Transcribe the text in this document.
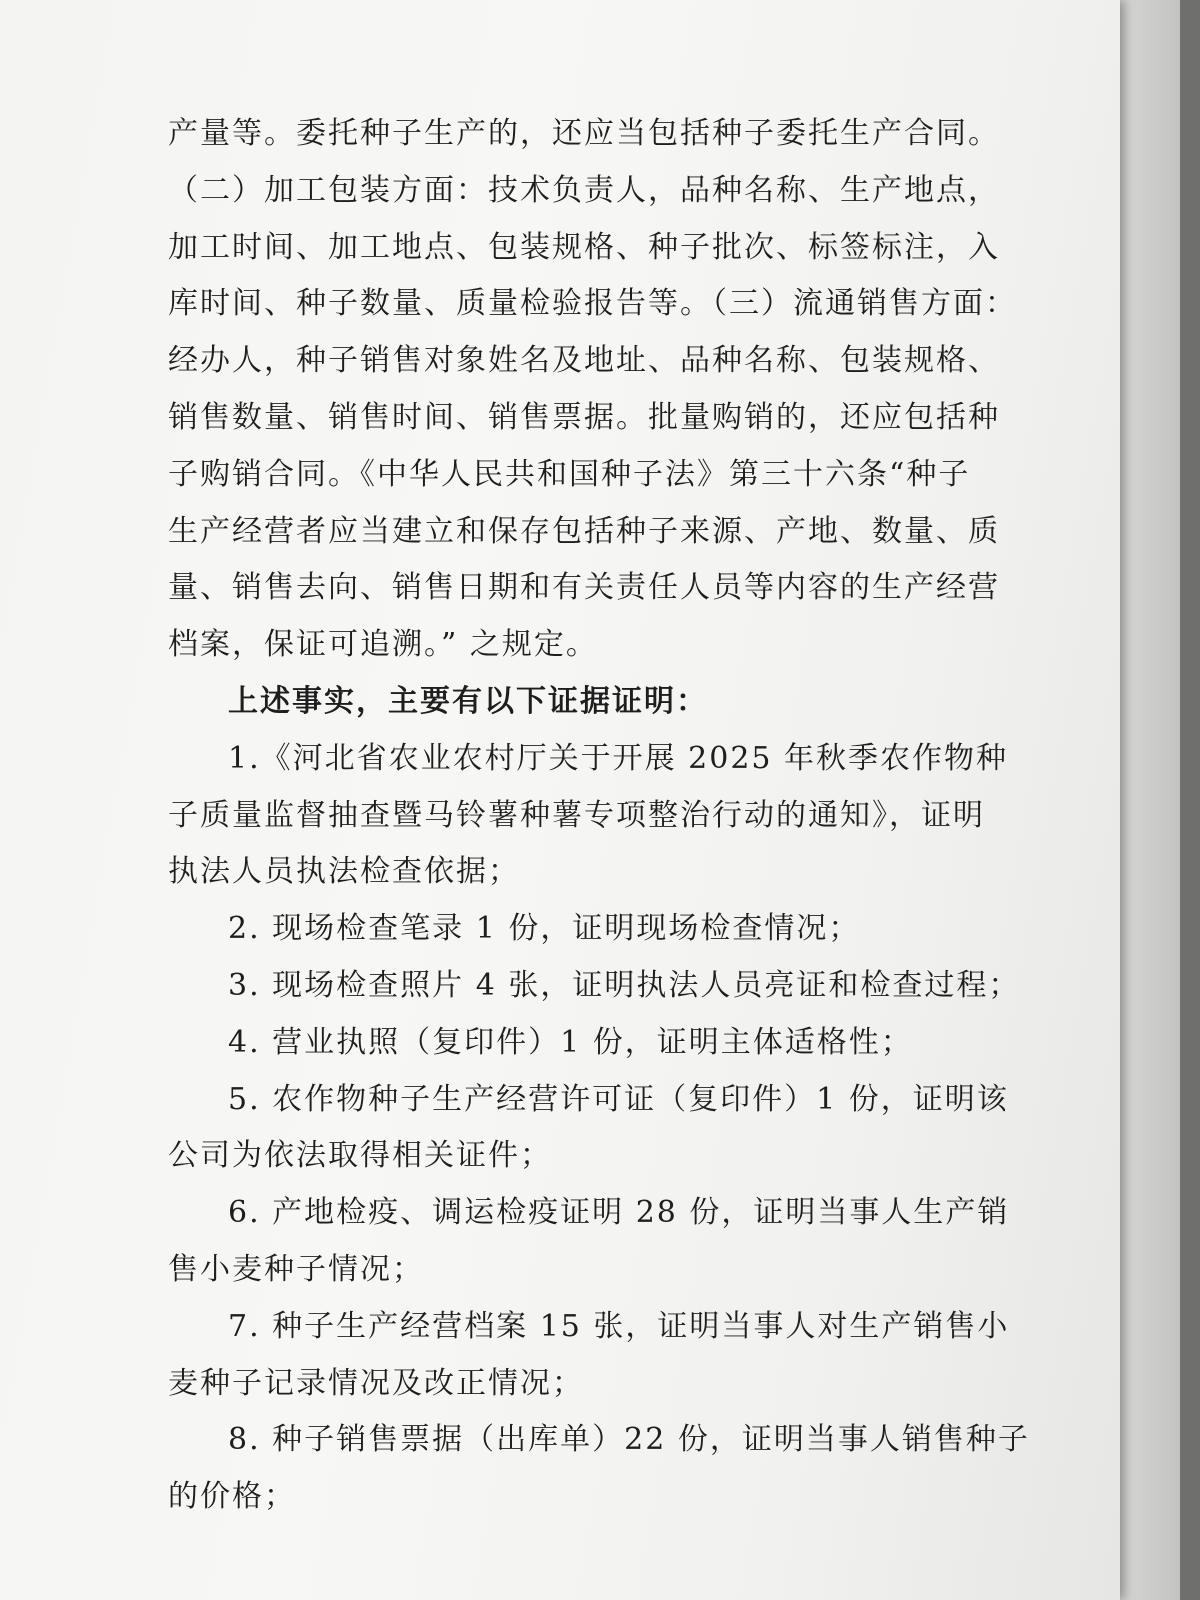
产量等。委托种子生产的，还应当包括种子委托生产合同。
（二）加工包装方面：技术负责人，品种名称、生产地点，
加工时间、加工地点、包装规格、种子批次、标签标注，入
库时间、种子数量、质量检验报告等。（三）流通销售方面：
经办人，种子销售对象姓名及地址、品种名称、包装规格、
销售数量、销售时间、销售票据。批量购销的，还应包括种
子购销合同。《中华人民共和国种子法》第三十六条“种子
生产经营者应当建立和保存包括种子来源、产地、数量、质
量、销售去向、销售日期和有关责任人员等内容的生产经营
档案，保证可追溯。” 之规定。
上述事实，主要有以下证据证明：
1.《河北省农业农村厅关于开展 2025 年秋季农作物种
子质量监督抽查暨马铃薯种薯专项整治行动的通知》，证明
执法人员执法检查依据；
2. 现场检查笔录 1 份，证明现场检查情况；
3. 现场检查照片 4 张，证明执法人员亮证和检查过程；
4. 营业执照（复印件）1 份，证明主体适格性；
5. 农作物种子生产经营许可证（复印件）1 份，证明该
公司为依法取得相关证件；
6. 产地检疫、调运检疫证明 28 份，证明当事人生产销
售小麦种子情况；
7. 种子生产经营档案 15 张，证明当事人对生产销售小
麦种子记录情况及改正情况；
8. 种子销售票据（出库单）22 份，证明当事人销售种子
的价格；
